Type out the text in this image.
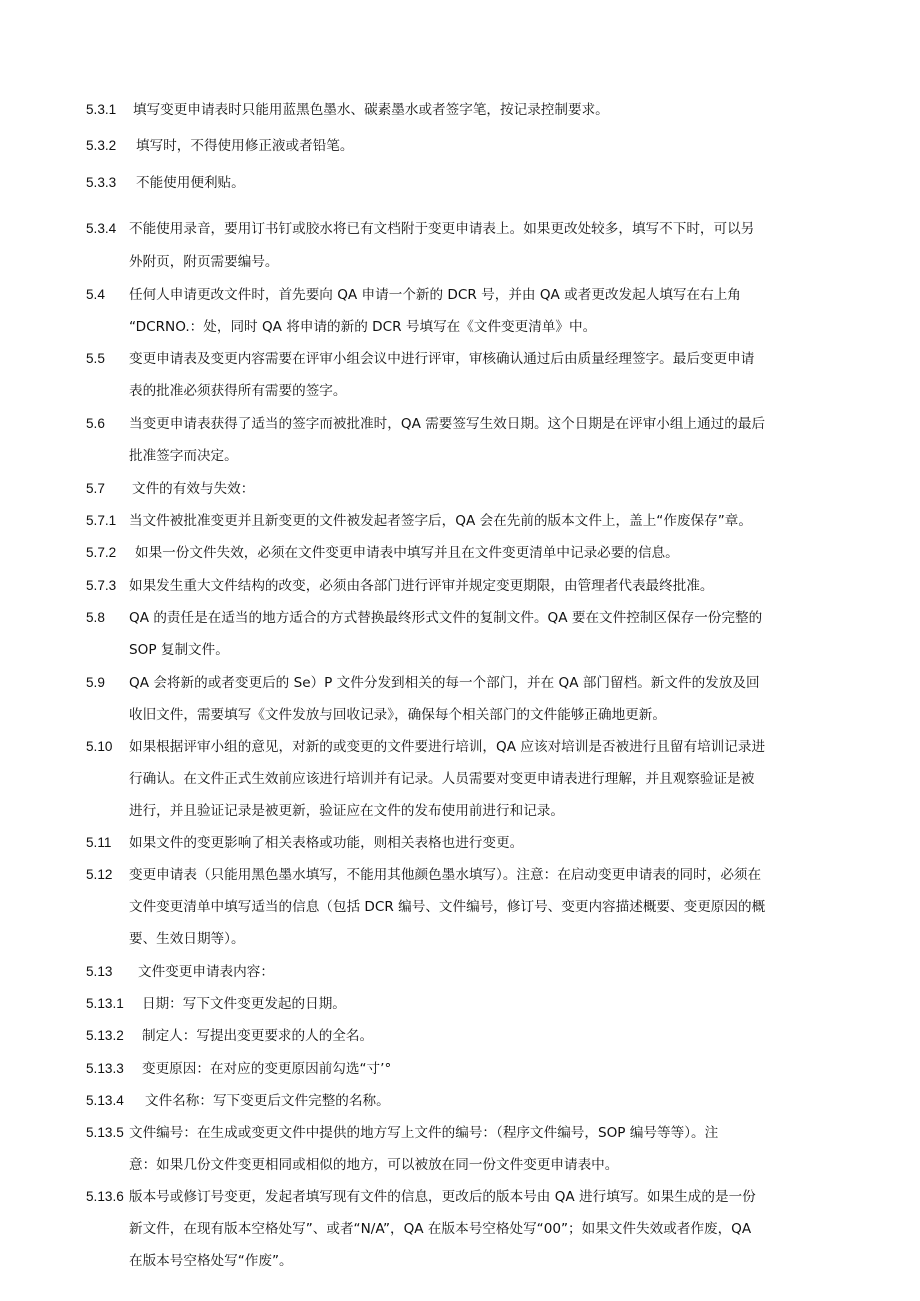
5.3.1 填写变更申请表时只能用蓝黑色墨水、碳素墨水或者签字笔，按记录控制要求。
5.3.2 填写时，不得使用修正液或者铅笔。
5.3.3 不能使用便利贴。
5.3.4 不能使用录音，要用订书钉或胶水将已有文档附于变更申请表上。如果更改处较多，填写不下时，可以另
外附页，附页需要编号。
5.4 任何人申请更改文件时，首先要向 QA 申请一个新的 DCR 号，并由 QA 或者更改发起人填写在右上角
“DCRNO.：处，同时 QA 将申请的新的 DCR 号填写在《文件变更清单》中。
5.5 变更申请表及变更内容需要在评审小组会议中进行评审，审核确认通过后由质量经理签字。最后变更申请
表的批准必须获得所有需要的签字。
5.6 当变更申请表获得了适当的签字而被批准时，QA 需要签写生效日期。这个日期是在评审小组上通过的最后
批准签字而决定。
5.7 文件的有效与失效：
5.7.1 当文件被批准变更并且新变更的文件被发起者签字后，QA 会在先前的版本文件上，盖上“作废保存”章。
5.7.2 如果一份文件失效，必须在文件变更申请表中填写并且在文件变更清单中记录必要的信息。
5.7.3 如果发生重大文件结构的改变，必须由各部门进行评审并规定变更期限，由管理者代表最终批准。
5.8 QA 的责任是在适当的地方适合的方式替换最终形式文件的复制文件。QA 要在文件控制区保存一份完整的
SOP 复制文件。
5.9 QA 会将新的或者变更后的 Se）P 文件分发到相关的每一个部门，并在 QA 部门留档。新文件的发放及回
收旧文件，需要填写《文件发放与回收记录》，确保每个相关部门的文件能够正确地更新。
5.10 如果根据评审小组的意见，对新的或变更的文件要进行培训，QA 应该对培训是否被进行且留有培训记录进
行确认。在文件正式生效前应该进行培训并有记录。人员需要对变更申请表进行理解，并且观察验证是被
进行，并且验证记录是被更新，验证应在文件的发布使用前进行和记录。
5.11 如果文件的变更影响了相关表格或功能，则相关表格也进行变更。
5.12 变更申请表（只能用黑色墨水填写，不能用其他颜色墨水填写）。注意：在启动变更申请表的同时，必须在
文件变更清单中填写适当的信息（包括 DCR 编号、文件编号，修订号、变更内容描述概要、变更原因的概
要、生效日期等）。
5.13 文件变更申请表内容：
5.13.1 日期：写下文件变更发起的日期。
5.13.2 制定人：写提出变更要求的人的全名。
5.13.3 变更原因：在对应的变更原因前勾选“寸’°
5.13.4 文件名称：写下变更后文件完整的名称。
5.13.5 文件编号：在生成或变更文件中提供的地方写上文件的编号：（程序文件编号，SOP 编号等等）。注
意：如果几份文件变更相同或相似的地方，可以被放在同一份文件变更申请表中。
5.13.6 版本号或修订号变更，发起者填写现有文件的信息，更改后的版本号由 QA 进行填写。如果生成的是一份
新文件，在现有版本空格处写”、或者“N/A”，QA 在版本号空格处写“00”；如果文件失效或者作废，QA
在版本号空格处写“作废”。
